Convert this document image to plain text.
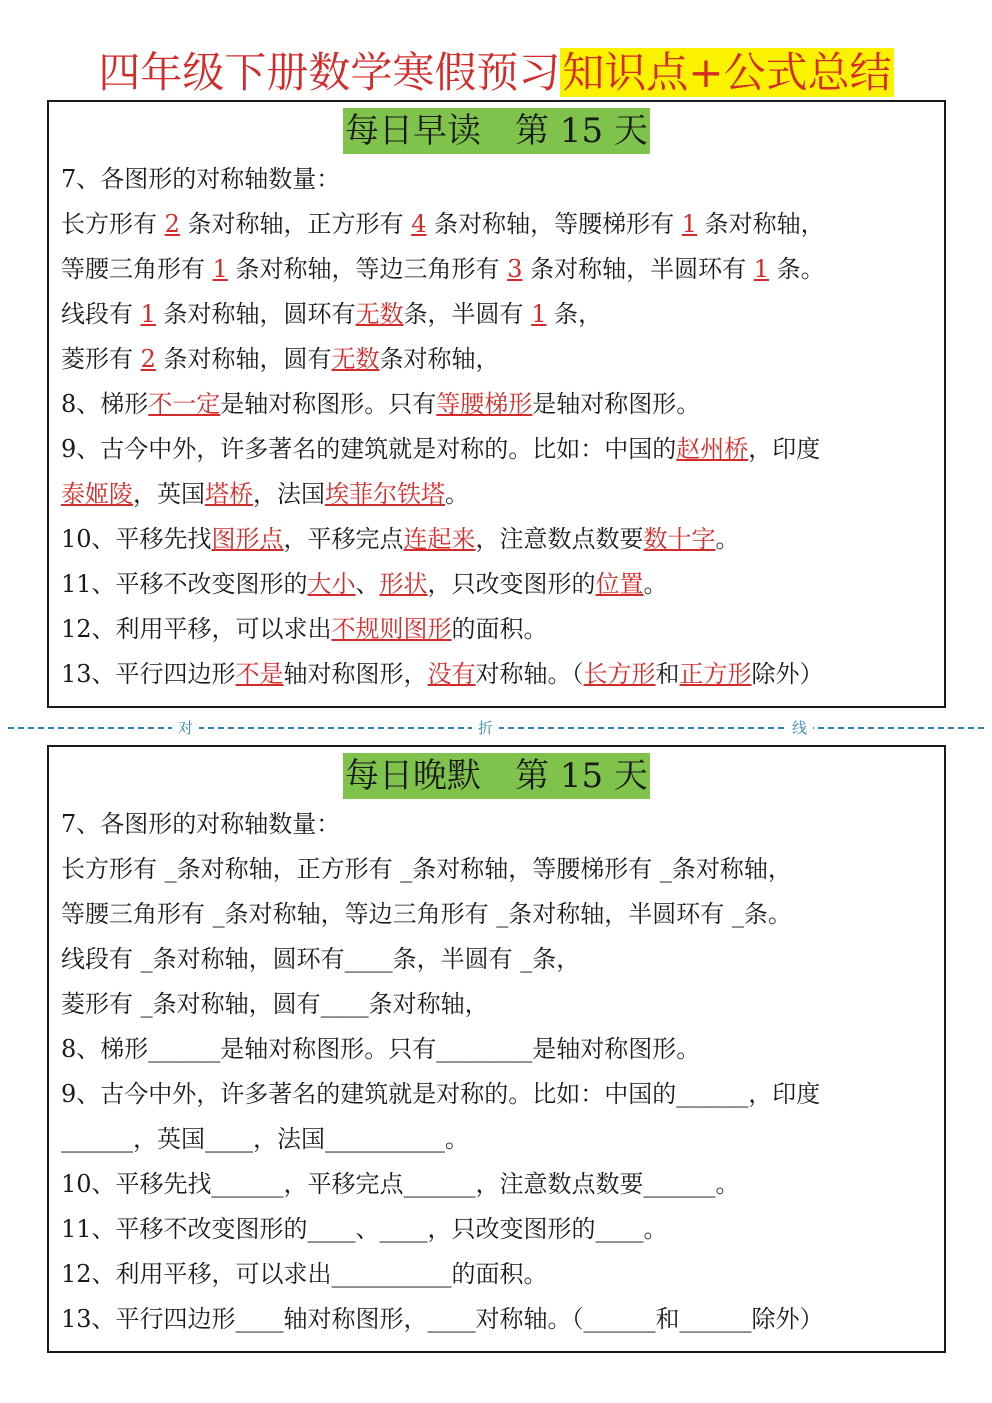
四年级下册数学寒假预习知识点+公式总结
每日早读　第 15 天
7、各图形的对称轴数量：
长方形有 2 条对称轴，正方形有 4 条对称轴，等腰梯形有 1 条对称轴，
等腰三角形有 1 条对称轴，等边三角形有 3 条对称轴，半圆环有 1 条。
线段有 1 条对称轴，圆环有无数条，半圆有 1 条，
菱形有 2 条对称轴，圆有无数条对称轴，
8、梯形不一定是轴对称图形。只有等腰梯形是轴对称图形。
9、古今中外，许多著名的建筑就是对称的。比如：中国的赵州桥，印度
泰姬陵，英国塔桥，法国埃菲尔铁塔。
10、平移先找图形点，平移完点连起来，注意数点数要数十字。
11、平移不改变图形的大小、形状，只改变图形的位置。
12、利用平移，可以求出不规则图形的面积。
13、平行四边形不是轴对称图形，没有对称轴。（长方形和正方形除外）
对	折	线
每日晚默　第 15 天
7、各图形的对称轴数量：
长方形有 _条对称轴，正方形有 _条对称轴，等腰梯形有 _条对称轴，
等腰三角形有 _条对称轴，等边三角形有 _条对称轴，半圆环有 _条。
线段有 _条对称轴，圆环有____条，半圆有 _条，
菱形有 _条对称轴，圆有____条对称轴，
8、梯形______是轴对称图形。只有________是轴对称图形。
9、古今中外，许多著名的建筑就是对称的。比如：中国的______，印度
______，英国____，法国__________。
10、平移先找______，平移完点______，注意数点数要______。
11、平移不改变图形的____、____，只改变图形的____。
12、利用平移，可以求出__________的面积。
13、平行四边形____轴对称图形，____对称轴。（______和______除外）
